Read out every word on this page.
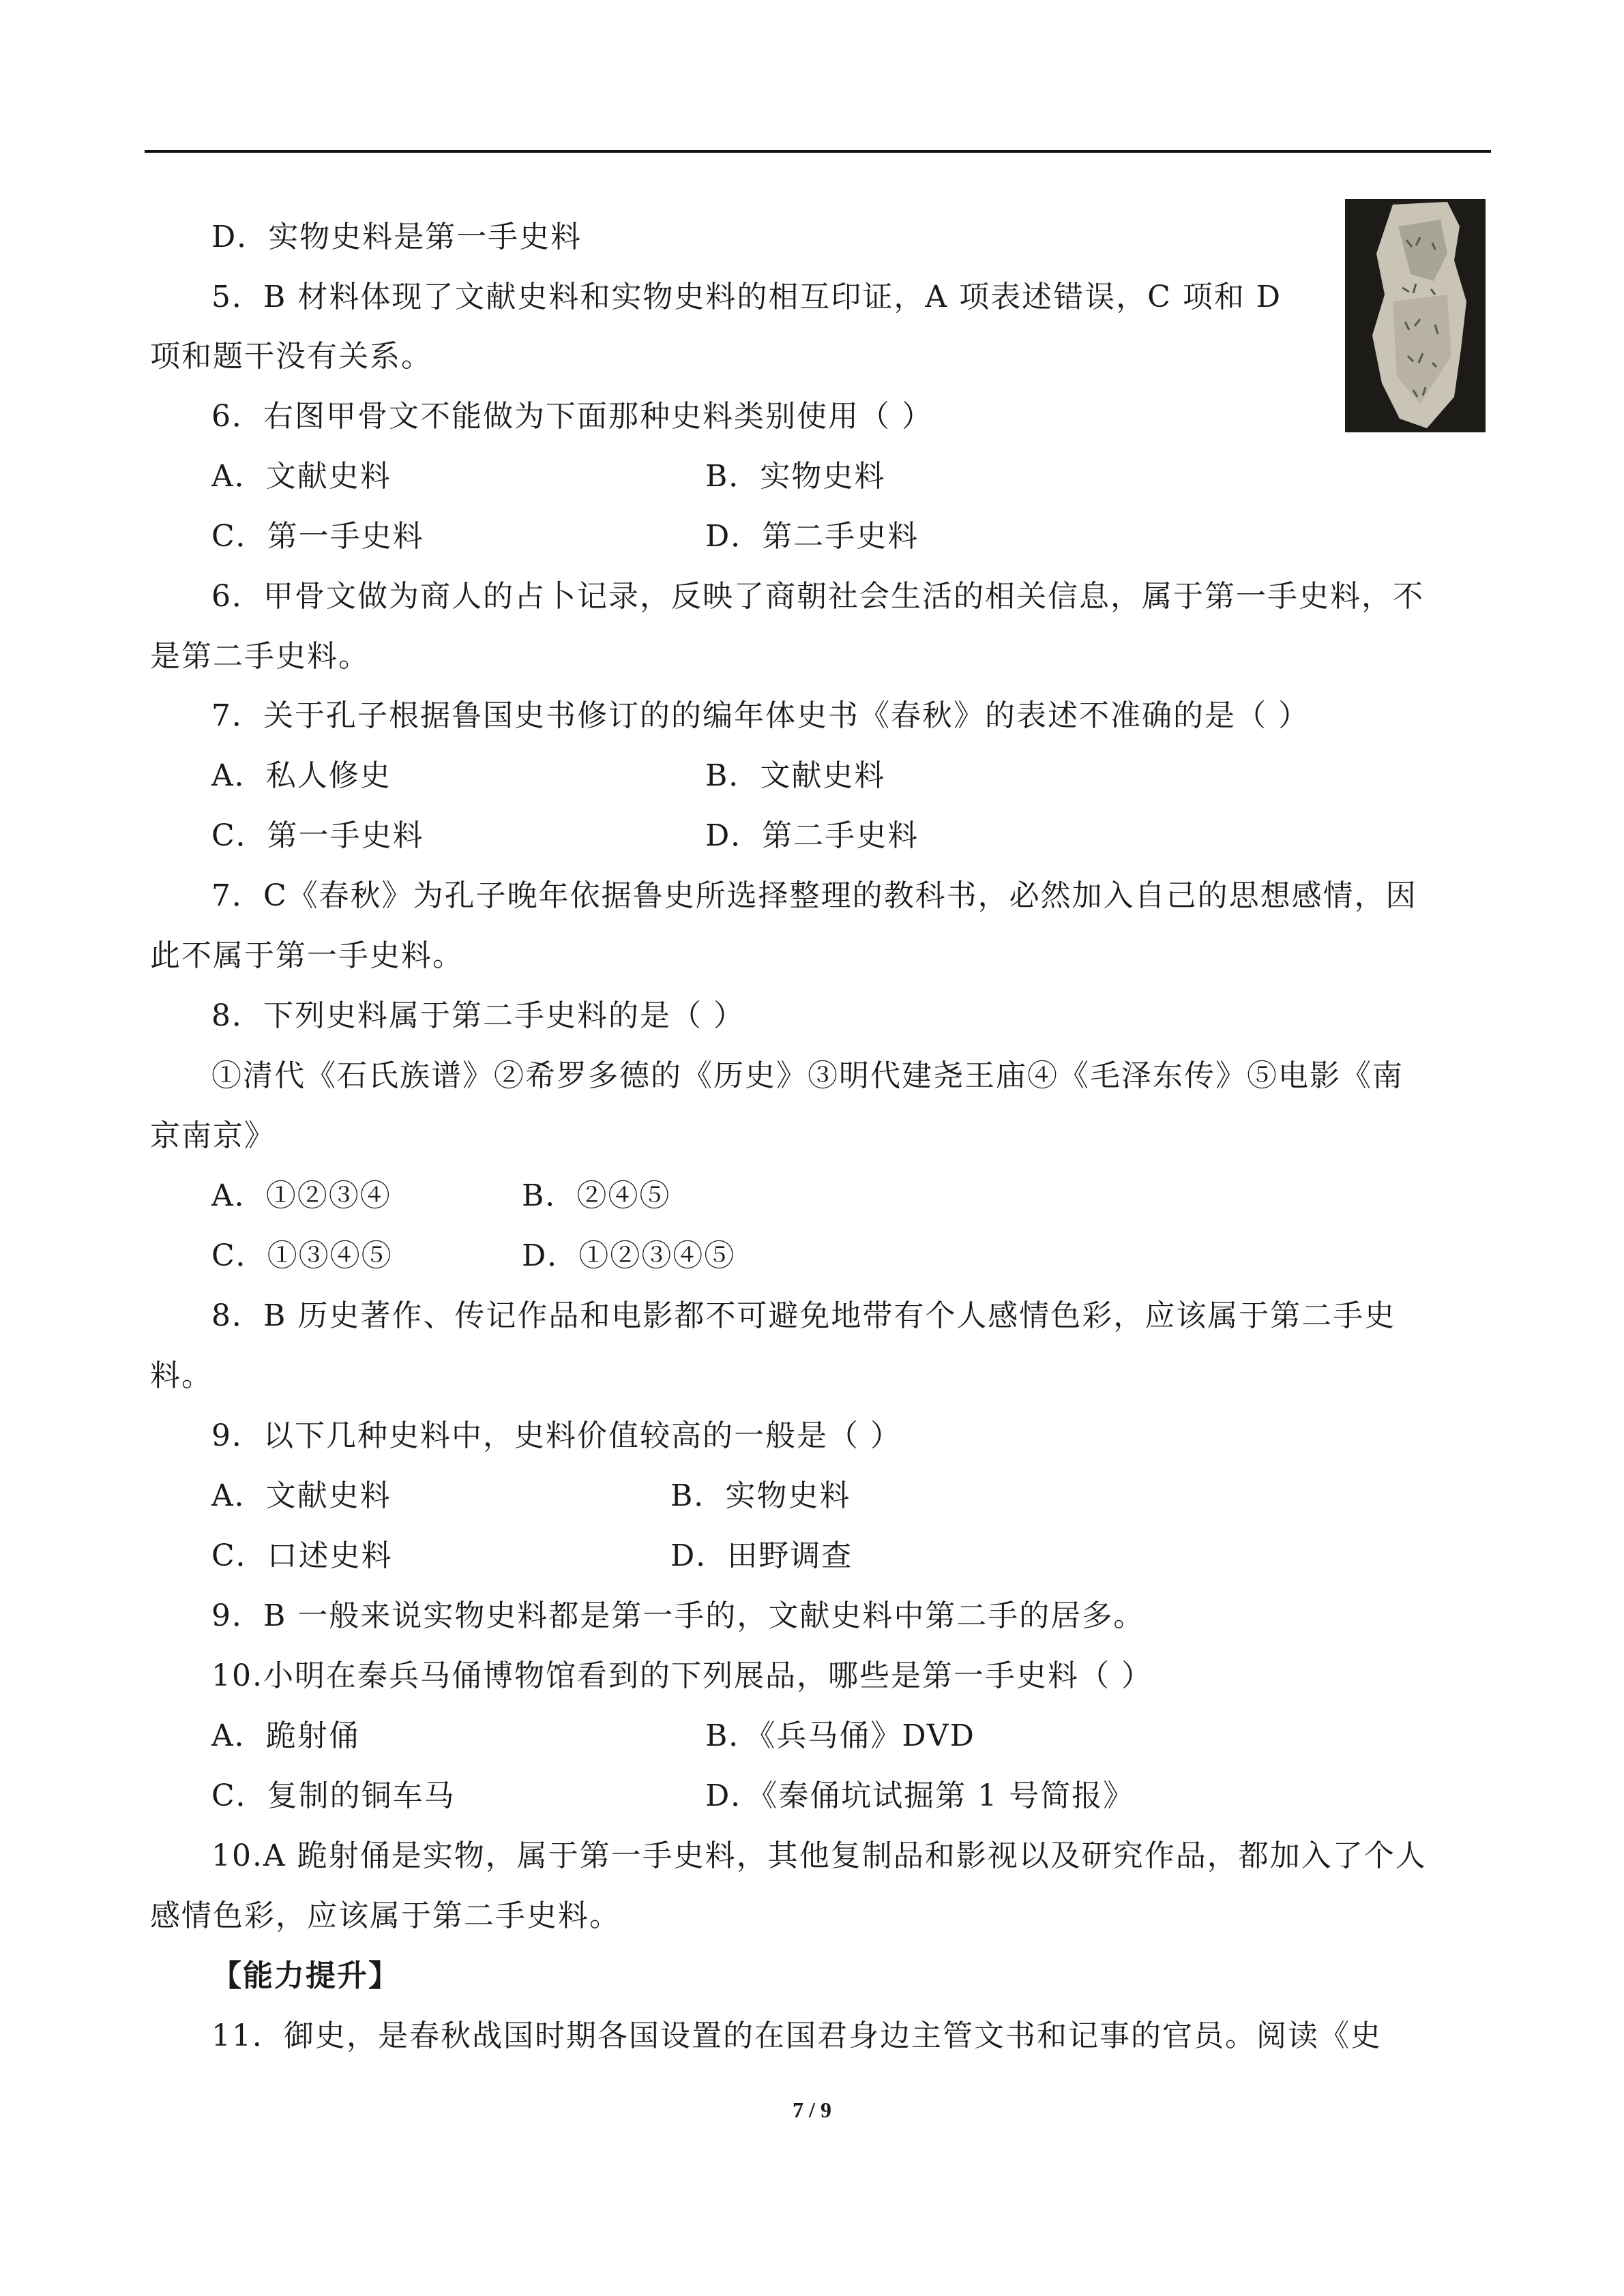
D．实物史料是第一手史料
5．B 材料体现了文献史料和实物史料的相互印证，A 项表述错误，C 项和 D
项和题干没有关系。
6．右图甲骨文不能做为下面那种史料类别使用（ ）
A．文献史料	B．实物史料
C．第一手史料	D．第二手史料
6．甲骨文做为商人的占卜记录，反映了商朝社会生活的相关信息，属于第一手史料，不
是第二手史料。
7．关于孔子根据鲁国史书修订的的编年体史书《春秋》的表述不准确的是（ ）
A．私人修史	B．文献史料
C．第一手史料	D．第二手史料
7．C《春秋》为孔子晚年依据鲁史所选择整理的教科书，必然加入自己的思想感情，因
此不属于第一手史料。
8．下列史料属于第二手史料的是（ ）
①清代《石氏族谱》②希罗多德的《历史》③明代建尧王庙④《毛泽东传》⑤电影《南
京南京》
A．①②③④	B．②④⑤
C．①③④⑤	D．①②③④⑤
8．B 历史著作、传记作品和电影都不可避免地带有个人感情色彩，应该属于第二手史
料。
9．以下几种史料中，史料价值较高的一般是（ ）
A．文献史料	B．实物史料
C．口述史料	D．田野调查
9．B 一般来说实物史料都是第一手的，文献史料中第二手的居多。
10.小明在秦兵马俑博物馆看到的下列展品，哪些是第一手史料（ ）
A．跪射俑	B．《兵马俑》DVD
C．复制的铜车马	D．《秦俑坑试掘第 1 号简报》
10.A 跪射俑是实物，属于第一手史料，其他复制品和影视以及研究作品，都加入了个人
感情色彩，应该属于第二手史料。
【能力提升】
11．御史，是春秋战国时期各国设置的在国君身边主管文书和记事的官员。阅读《史
7 / 9
